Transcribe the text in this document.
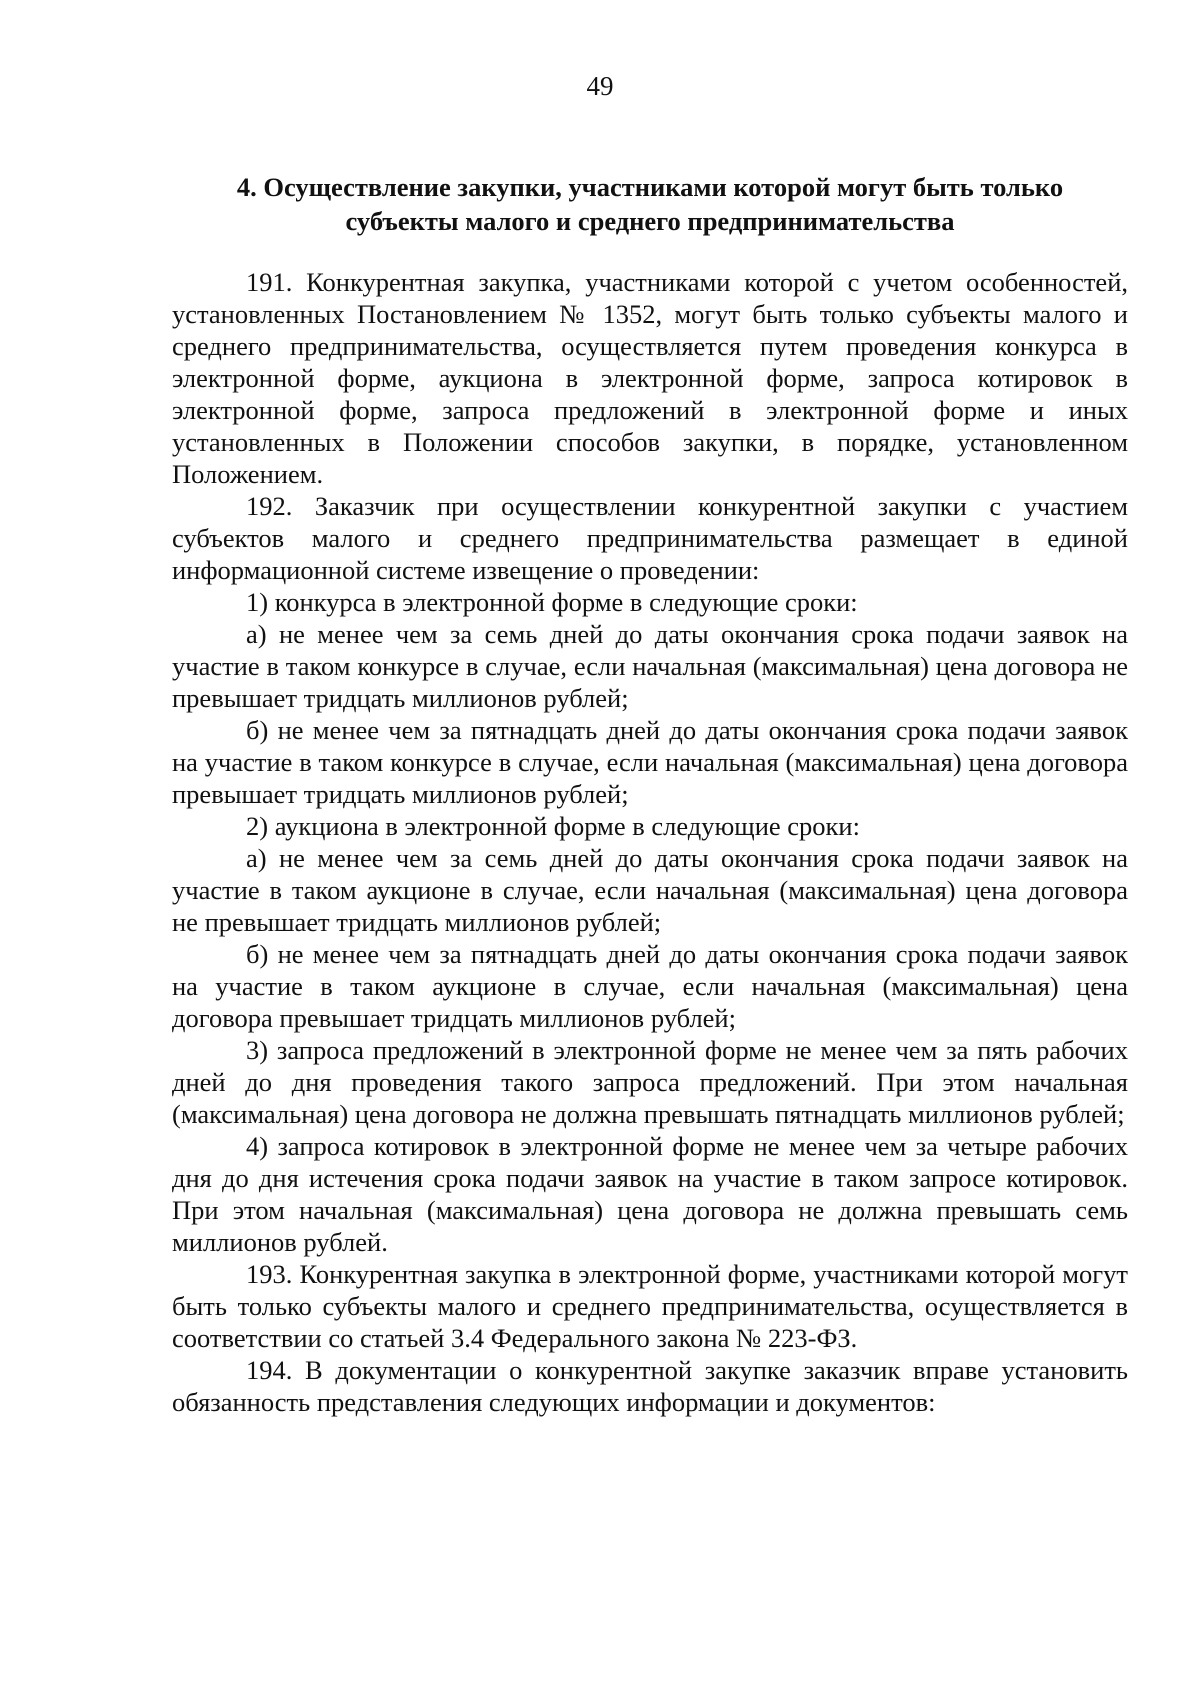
49
4. Осуществление закупки, участниками которой могут быть только
субъекты малого и среднего предпринимательства

191. Конкурентная закупка, участниками которой с учетом особенностей, установленных Постановлением № 1352, могут быть только субъекты малого и среднего предпринимательства, осуществляется путем проведения конкурса в электронной форме, аукциона в электронной форме, запроса котировок в электронной форме, запроса предложений в электронной форме и иных установленных в Положении способов закупки, в порядке, установленном Положением.

192. Заказчик при осуществлении конкурентной закупки с участием субъектов малого и среднего предпринимательства размещает в единой информационной системе извещение о проведении:

1) конкурса в электронной форме в следующие сроки:

а) не менее чем за семь дней до даты окончания срока подачи заявок на участие в таком конкурсе в случае, если начальная (максимальная) цена договора не превышает тридцать миллионов рублей;

б) не менее чем за пятнадцать дней до даты окончания срока подачи заявок на участие в таком конкурсе в случае, если начальная (максимальная) цена договора превышает тридцать миллионов рублей;

2) аукциона в электронной форме в следующие сроки:

а) не менее чем за семь дней до даты окончания срока подачи заявок на участие в таком аукционе в случае, если начальная (максимальная) цена договора не превышает тридцать миллионов рублей;

б) не менее чем за пятнадцать дней до даты окончания срока подачи заявок на участие в таком аукционе в случае, если начальная (максимальная) цена договора превышает тридцать миллионов рублей;

3) запроса предложений в электронной форме не менее чем за пять рабочих дней до дня проведения такого запроса предложений. При этом начальная (максимальная) цена договора не должна превышать пятнадцать миллионов рублей;

4) запроса котировок в электронной форме не менее чем за четыре рабочих дня до дня истечения срока подачи заявок на участие в таком запросе котировок. При этом начальная (максимальная) цена договора не должна превышать семь миллионов рублей.

193. Конкурентная закупка в электронной форме, участниками которой могут быть только субъекты малого и среднего предпринимательства, осуществляется в соответствии со статьей 3.4 Федерального закона № 223-ФЗ.

194. В документации о конкурентной закупке заказчик вправе установить обязанность представления следующих информации и документов:
